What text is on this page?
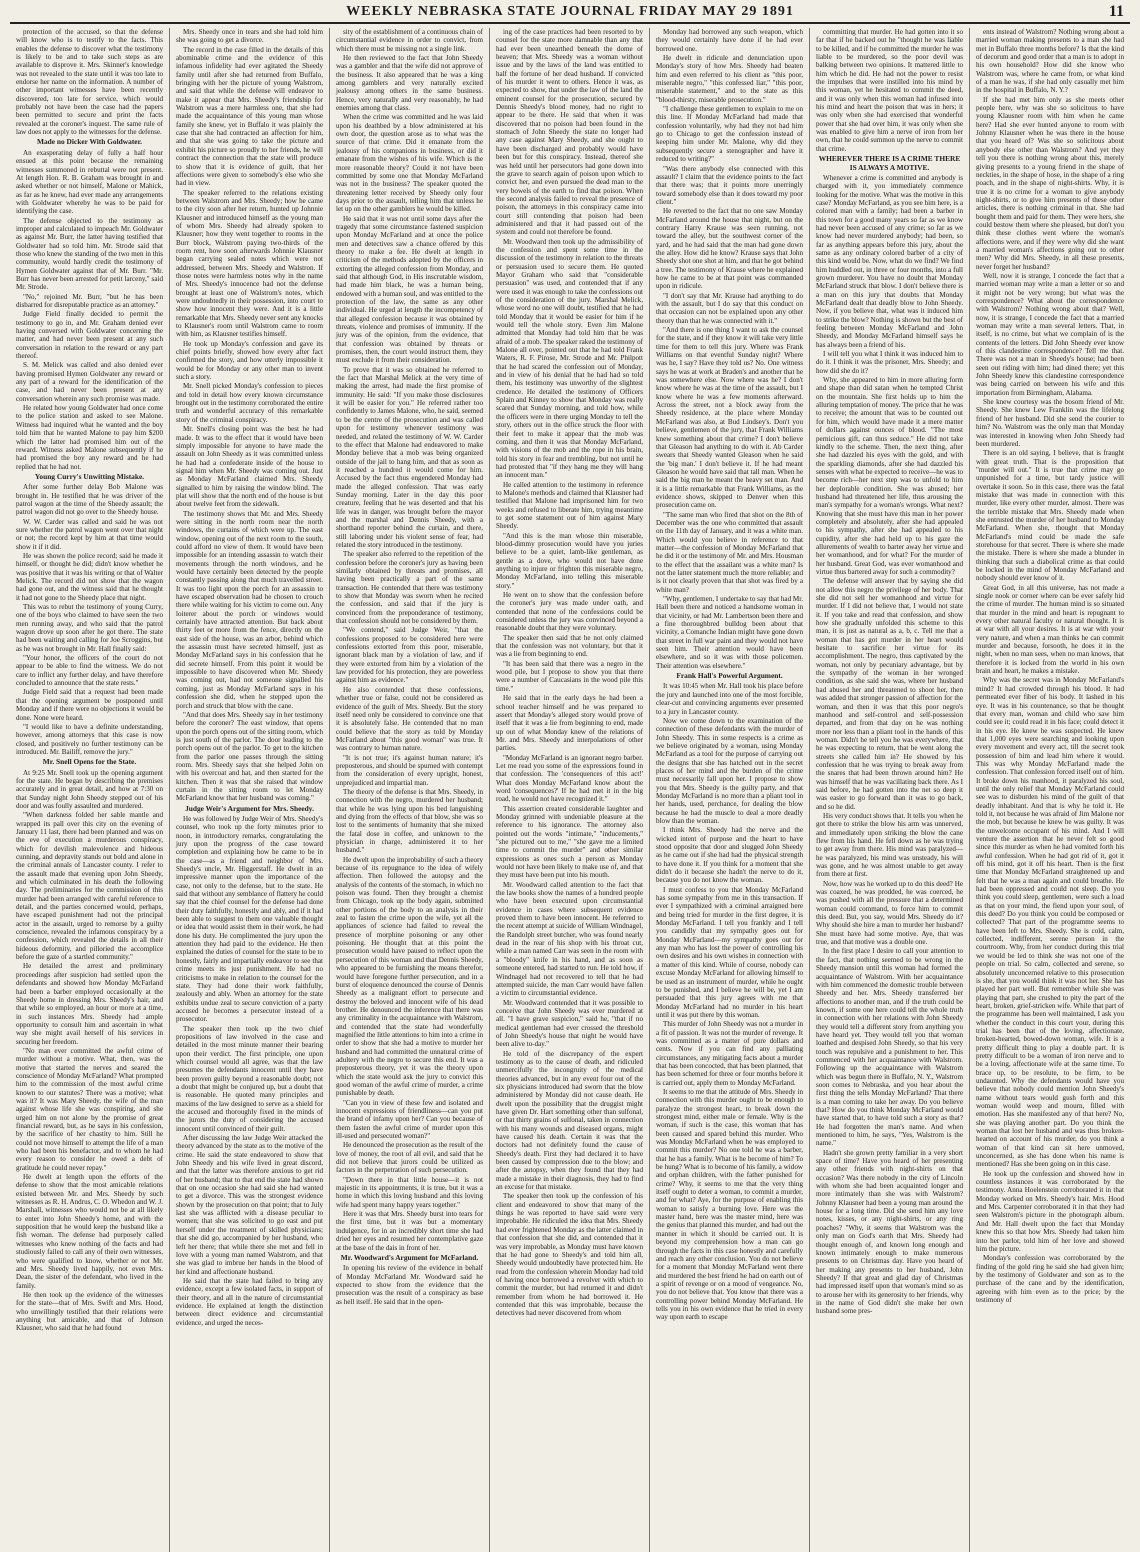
WEEKLY NEBRASKA STATE JOURNAL FRIDAY MAY 29 1891	11

protection of the accused, so that the defense will know who is to testify to the facts. This enables the defense to discover what the testimony is likely to be and to take such steps as are available to disprove it. Mrs. Skinner's knowledge was not revealed to the state until it was too late to endorse her name on the information. A number of other important witnesses have been recently discovered, too late for service, which would probably not have been the case had the papers been permitted to secure and print the facts revealed at the coroner's inquest. The same rule of law does not apply to the witnesses for the defense.

Made no Dicker With Goldwater.

An exasperating delay of fully a half hour ensued at this point because the remaining witnesses summoned in rebuttal were not present. At length Hon. R. B. Graham was brought in and asked whether or not himself, Malone or Mahick, as far as he knew, had ever made any arrangements with Goldwater whereby he was to be paid for identifying the case.

The defense objected to the testimony as improper and calculated to impeach Mr. Goldwater as against Mr. Burr, the latter having testified that Goldwater had so told him. Mr. Strode said that those who knew the standing of the two men in this community, would hardly credit the testimony of Hymen Goldwater against that of Mr. Burr. "Mr. Burr has never been arrested for petit larceny," said Mr. Strode.

"No," rejoined Mr. Burr, "but he has been disbarred for disreputable practice as an attorney."

Judge Field finally decided to permit the testimony to go in, and Mr. Graham denied ever having conversed with Goldwater concerning the matter, and had never been present at any such conversation in relation to the reward or any part thereof.

S. M. Melick was called and also denied ever having promised Hymen Goldwater any reward or any part of a reward for the identification of the case, and had never been present at any conversation wherein any such promise was made.

He related how young Goldwater had once come to the police station and asked to see Malone. Witness had inquired what he wanted and the boy told him that he wanted Malone to pay him $200 which the latter had promised him out of the reward. Witness asked Malone subsequently if he had promised the boy any reward and he had replied that he had not.

Young Curry's Unwitting Mistake.

After some further delay Bob Malone was brought in. He testified that he was driver of the patrol wagon at the time of the Sheedy assault; the patrol wagon did not go over to the Sheedy house.

W. W. Carder was called and said he was not sure whether the patrol wagon went over that night or not; the record kept by him at that time would show it if it did.

He was shown the police record; said he made it himself, or thought he did; didn't know whether he was positive that it was his writing or that of Walter Melick. The record did not show that the wagon had gone out, and the witness said that he thought it had not gone to the Sheedy place that night.

This was to rebut the testimony of young Curry, one of the boys who claimed to have seen the two men running away, and who said that the patrol wagon drove up soon after he got there. The state had been waiting and calling for Joe Scroggins, but as he was not brought in Mr. Hall finally said:

"Your honor, the officers of the court do not appear to be able to find the witness. We do not care to inflict any further delay, and have therefore concluded to announce that the state rests."

Judge Field said that a request had been made that the opening argument be postponed until Monday and if there were no objections it would be done. None were heard.

"I would like to have a definite understanding, however, among attorneys that this case is now closed, and positively no further testimony can be introduced. Mr. Bailiff, remove the jury."

Mr. Snell Opens for the State.

At 9:25 Mr. Snell took up the opening argument for the state. He began by describing the premises accurately and in great detail, and how at 7:30 on that Sunday night John Sheedy stepped out of his door and was foully assaulted and murdered.

"When darkness folded her sable mantle and wrapped its pall over this city on the evening of January 11 last, there had been planned and was on the eve of execution a murderous conspiracy, which for devilish malevolence and hideous cunning, and depravity stands out bold and alone in the criminal annals of Lancaster county. I refer to the assault made that evening upon John Sheedy, and which culminated in his death the following day. The preliminaries for the commission of this murder had been arranged with careful reference to detail, and the parties concerned would, perhaps, have escaped punishment had not the principal actor in the assault, urged to remorse by a guilty conscience, revealed the infamous conspiracy by a confession, which revealed the details in all their hideous deformity, and pilloried the accomplice before the gaze of a startled community."

He detailed the arrest and preliminary proceedings after suspicion had settled upon the defendants and showed how Monday McFarland had been a barber employed occasionally at the Sheedy home in dressing Mrs. Sheedy's hair, and that while so employed, an hour or more at a time, in such instances Mrs. Sheedy had ample opportunity to consult him and ascertain in what way she might avail herself of his services in securing her freedom.

"No man ever committed the awful crime of murder without a motive. What, then, was the motive that started the nerves and seared the conscience of Monday McFarland? What prompted him to the commission of the most awful crime known to our statutes? There was a motive; what was it? It was Mary Sheedy, the wife of the man against whose life she was conspiring, and she urged him on not alone by the promise of great financial reward, but, as he says in his confession, by the sacrifice of her chastity to him. Still he could not move himself to attempt the life of a man who had been his benefactor, and to whom he had every reason to consider he owed a debt of gratitude he could never repay."

He dwelt at length upon the efforts of the defense to show that the most amicable relations existed between Mr. and Mrs. Sheedy by such witnesses as R. H. Andrus, C. O. Whedon and W. J. Marshall, witnesses who would not be at all likely to enter into John Sheedy's home, and with the supposition that he would keep the husband like a fish woman. The defense had purposely called witnesses who knew nothing of the facts and had studiously failed to call any of their own witnesses, who were qualified to know, whether or not Mr. and Mrs. Sheedy lived happily, not even Mrs. Dean, the sister of the defendant, who lived in the family.

He then took up the evidence of the witnesses for the state—that of Mrs. Swift and Mrs. Hood, who unwillingly testified that their relations were anything but amicable, and that of Johnson Klausner, who said that he had found

Mrs. Sheedy once in tears and she had told him she was going to get a divorce.

The record in the case filled in the details of this abominable crime and the evidence of this infamous infidelity had ever agitated the Sheedy family until after she had returned from Buffalo, bringing with her the picture of young Walstrom, and said that while the defense will endeavor to make it appear that Mrs. Sheedy's friendship for Walstrom was a mere harmless one, that she had made the acquaintance of this young man whose family she knew, yet in Buffalo it was plainly the case that she had contracted an affection for him, and that she was going to take the picture and exhibit his picture so proudly to her friends, he will contract the connection that the state will produce to show that it is evidence of guilt, that her affections were given to somebody's else who she had in view.

The speaker referred to the relations existing between Walstrom and Mrs. Sheedy; how he came to the city soon after her return, hunted up Johnnie Klausner and introduced himself as the young man of whom Mrs. Sheedy had already spoken to Klausner; how they went together to rooms in the Burr block, Walstrom paying two-thirds of the room rent, how soon afterwards Johnnie Klausner began carrying sealed notes which were not addressed, between Mrs. Sheedy and Walstron. If those notes were harmless notes why in the name of Mrs. Sheedy's innocence had not the defense brought at least one of Walstrom's notes, which were undoubtedly in their possession, into court to show how innocent they were. And it is a little remarkable that Mrs. Sheedy never sent any knocks to Klausner's room until Walstrom came to room with him, as Klausner testifies himself.

He took up Monday's confession and gave its chief points briefly, showed how every after fact confirmed the story, and how utterly impossible it would be for Monday or any other man to invent such a story.

Mr. Snell picked Monday's confession to pieces and told in detail how every known circumstance brought out in the testimony corroborated the entire truth and wonderful accuracy of this remarkable story of the criminal conspiracy.

Mr. Snell's closing point was the best he had made. It was to the effect that it would have been simply impossible for anyone to have made the assault on John Sheedy as it was committed unless he had had a confederate inside of the house to signal him when Mr. Sheedy was coming out. Just as Monday McFarland claimed Mrs. Sheedy signalled to him by raising the window blind. The plat will show that the north end of the house is but about twelve feet from the sidewalk.

The testimony shows that Mr. and Mrs. Sheedy were sitting in the north room near the north windows, the curtains of which were up. The east window, opening out of the next room to the south, could afford no view of them. It would have been impossible for an intending assassin to watch their movements through the north windows, and he would have certainly been detected by the people constantly passing along that much travelled street. It was too light upon the porch for an assassin to have escaped observation had he chosen to crouch there while waiting for his victim to come out. Any loiterer about the porch or windows would certainly have attracted attention. But back about thirty feet or more from the fence, directly on the east side of the house, was an arbor, behind which the assassin must have secreted himself, just as Monday McFarland says in his confession that he did secrete himself. From this point it would be impossible to have discovered when Mr. Sheedy was coming out, had not someone signalled his coming, just as Monday McFarland says in his confession she did, when he stepped upon the porch and struck that blow with the cane.

"And that does Mrs. Sheedy say in her testimony before the coroner? The east window, that opens upon the porch opens out of the sitting room, which is just south of the parlor. The door leading to the porch opens out of the parlor. To get to the kitchen from the parlor one passes through the sitting room. Mrs. Sheedy says that she helped John on with his overcoat and hat, and then started for the kitchen. Then it was that she raised that window curtain in the sitting room to let Monday McFarland know that her husband was coming."

Judge Weir's Argument for Mrs. Sheedy.

He was followed by Judge Weir of Mrs. Sheedy's counsel, who took up the forty minutes prior to noon, in introductory remarks, congratulating the jury upon the progress of the case toward completion and explaining how he came to be in the case—as a friend and neighbor of Mrs. Sheedy's uncle, Mr. Higgerstaff. He dwelt in an impressive manner upon the importance of the case, not only to the defense, but to the state. He said that without any semblance of flattery he could say that the chief counsel for the defense had done their duty faithfully, honestly and ably, and if it had been able to suggest to them one valuable thought or idea that would assist them in their work, he had done his duty. He complimented the jury upon the attention they had paid to the evidence. He then explained the duties of counsel for the state to be to honestly, fairly and impartially endeavor to see that crime meets its just punishment. He had no criticisms to make in relation to the counsel for the state. They had done their work faithfully, zealously and ably. When an attorney for the state exhibits undue zeal to secure conviction of a party accused he becomes a persecutor instead of a prosecutor.

The speaker then took up the two chief propositions of law involved in the case and detailed in the most minute manner their bearing upon their verdict. The first principle, one upon which counsel would all agree, was that the law presumes the defendants innocent until they have been proven guilty beyond a reasonable doubt; not a doubt that might be conjured up, but a doubt that is reasonable. He quoted many principles and maxims of the law designed to serve as a shield for the accused and thoroughly fixed in the minds of the jurors the duty of considering the accused innocent until convinced of their guilt.

After discussing the law Judge Weir attacked the theory advanced by the state as to the motive of the crime. He said the state endeavored to show that John Sheedy and his wife lived in great discord, and that the latter was therefore anxious to get rid of her husband; that to that end the state had shown that on one occasion she had said she had wanted to get a divorce. This was the strongest evidence shown by the prosecution on that point; that to July last she was afflicted with a disease peculiar to women; that she was solicited to go east and put herself under the treatment of skilled physicians; that she did go, accompanied by her husband, who left her there; that while there she met and fell in love with a young man named Walstrom, and that she was glad to imbrue her hands in the blood of her kind and affectionate husband.

He said that the state had failed to bring any evidence, except a few isolated facts, in support of their theory, and all in the nature of circumstantial evidence. He explained at length the distinction between direct evidence and circumstantial evidence, and urged the neces-

sity of the establishment of a continuous chain of circumstantial evidence in order to convict, from which there must be missing not a single link.

He then reviewed to the fact that John Sheedy was a gambler and that the wife did not approve of the business. It also appeared that he was a king among gamblers and very naturally excited jealousy among others in the same business. Hence, very naturally and very reasonably, he had enemies among that class.

When the crime was committed and he was laid upon his deathbed by a blow administered at his own door, the question arose as to what was the source of that crime. Did it emanate from the jealousy of his companions in business, or did it emanate from the wishes of his wife. Which is the more reasonable theory? Could it not have been committed by some one that Monday McFarland was not in the business? The speaker quoted the threatening letter received by Sheedy only four days prior to the assault, telling him that unless he let up on the other gamblers he would be killed.

He said that it was not until some days after the tragedy that some circumstance fastened suspicion upon Monday McFarland and at once the police men and detectives saw a chance offered by this theory to make a fee. He dwelt at length in criticism of the methods adopted by the officers in extorting the alleged confession from Monday, and said that although God, in His inscrutable wisdom, had made him black, he was a human being, endowed with a human soul, and was entitled to the protection of the law, the same as any other individual. He urged at length the incompetency of that alleged confession because it was obtained by threats, violence and promises of immunity. If the jury was of the opinion, from the evidence, that that confession was obtained by threats or promises, then, the court would instruct them, they must exclude it from their consideration.

To prove that it was so obtained he referred to the fact that Marshal Melick at the very time of making the arrest, had made the first promise of immunity. He said: "If you make those disclosures it will be easier for you." He referred rather too confidently to James Malone, who, he said, seemed to be the centre of the prosecution and was called upon for testimony whenever testimony was needed, and related the testimony of W. W. Carder to the effect that Malone had endeavored to make Monday believe that a mob was being organized outside of the jail to hang him, and that as soon as it reached a hundred it would come for him. Accused by the fact thus engendered Monday had made the alleged confession. That was early Sunday morning. Later in the day this poor creature, feeling that he was deserted and that his life was in danger, was brought before the mayor and the marshal and Dennis Sheedy, with a shorthand reporter behind the curtain, and there, still laboring under his violent sense of fear, had related the story introduced in the testimony.

The speaker also referred to the repetition of the confession before the coroner's jury as having been similarly obtained by threats and promises, all having been practically a part of the same transaction. He contended that there was testimony to show that Monday was sworn when he recited the confession, and said that if the jury is convinced from the preponderance of testimony, that confession should not be considered by them.

"We contend," said Judge Weir, "that the confessions proposed to be considered here were confessions extorted from this poor, miserable, ignorant black man by a violation of law, and if they were extorted from him by a violation of the law provided for his protection, they are powerless against him as evidence."

He also contended that these confessions, whether true or false, could not be considered as evidence of the guilt of Mrs. Sheedy. But the story itself need only be considered to convince one that it is absolutely false. He contended that no man could believe that the story as told by Monday McFarland about "this good woman" was true. It was contrary to human nature.

"It is not true; it's against human nature; it's preposterous, and should be spurned with contempt from the consideration of every upright, honest, unprejudiced and impartial man.

The theory of the defense is that Mrs. Sheedy, in connection with the negro, murdered her husband; that while he was lying upon his bed languishing and dying from the effects of that blow, she was so lost to the sentiments of humanity that she mixed the fatal dose in coffee, and unknown to the physician in charge, administered it to her husband."

He dwelt upon the improbability of such a theory because of its repugnance to the idea of wifely affection. Then followed the autopsy and the analysis of the contents of the stomach, in which no poison was found. Then they brought a chemist from Chicago, took up the body again, submitted other portions of the body to an analysis in their zeal to fasten the crime upon the wife, yet all the appliances of science had failed to reveal the presence of morphine poisoning or any other poisoning. He thought that at this point the prosecution would have paused to reflect upon the persecution of this woman and that Dennis Sheedy, who appeared to be furnishing the means therefor, would have foregone further persecution, and in a burst of eloquence denounced the course of Dennis Sheedy as a malignant effort to persecute and destroy the beloved and innocent wife of his dead brother. He denounced the inference that there was any criminality in the acquaintance with Walstrom, and contended that the state had wonderfully magnified the little attentions to him into a crime in order to show that she had a motive to murder her husband and had committed the unnatural crime of adultery with the negro to secure this end. It was a preposterous theory, yet it was the theory upon which the state would ask the jury to convict this good woman of the awful crime of murder, a crime punishable by death.

"Can you in view of these few and isolated and innocent expressions of friendliness—can you put the brand of infamy upon her? Can you because of them fasten the awful crime of murder upon this ill-used and persecuted woman?"

He denounced the prosecution as the result of the love of money, the root of all evil, and said that he did not believe that jurors could be utilized as factors in the perpetration of such persecution.

"Down there in that little house—it is not majestic in its appointments, it is true, but it was a home in which this loving husband and this loving wife had spent many happy years together."

Here it was that Mrs. Sheedy burst into tears for the first time, but it was but a momentary indulgence, for in an incredibly short time she had dried her eyes and resumed her contemplative gaze at the base of the dais in front of her.

Mr. Woodward's Argument for McFarland.

In opening his review of the evidence in behalf of Monday McFarland Mr. Woodward said he expected to show from the evidence that the prosecution was the result of a conspiracy as base as hell itself. He said that in the open-

ing of the case practices had been resorted to by counsel for the state more damnable than any that had ever been unearthed beneath the dome of heaven; that Mrs. Sheedy was a woman without issue and by the laws of the land was entitled to half the fortune of her dead husband. If convicted of his murder it went to others. Hence it was, as expected to show, that under the law of the land the eminent counsel for the prosecution, secured by Dennis Sheedy's blood money, had no right to appear to be there. He said that when it was discovered that no poison had been found in the stomach of John Sheedy the state no longer had any case against Mary Sheedy, and she ought to have been discharged and probably would have been but for this conspiracy. Instead, thereof she was held until her persecutors had gone down into the grave to search again of poison upon which to convict her, and even pursued the dead man to the very bowels of the earth to find that poison. When the second analysis failed to reveal the presence of poison, the attorneys in this conspiracy came into court still contending that poison had been administered and that it had passed out of the system and could not therefore be found.

Mr. Woodward then took up the admissibility of the confession and spent some time in the discussion of the testimony in relation to the threats or persuasion used to secure them. He quoted Mayor Graham who said that "considerable persuasion" was used, and contended that if any were used it was enough to take the confessions out of the consideration of the jury. Marshal Melick, whose word no one will doubt, testified that he had told Monday that it would be easier for him if he would tell the whole story. Even Jim Malone admitted that Monday had told him that he was afraid of a mob. The speaker raked the testimony of Malone all over, pointed out that he had told Frank Waters, R. F. Pirose, Mr. Strode and Mr. Philpott that he had scared the confession out of Monday, and in view of his denial that he had had so told them, his testimony was unworthy of the slightest credence. He detailed the testimony of Officers Splain and Kinney to show that Monday was really scared that Sunday morning, and told how, while the officers were in there urging Monday to tell the story, others out in the office struck the floor with their feet to make it appear that the mob was coming, and then it was that Monday McFarland, with visions of the mob and the rope in his brain, told his story in fear and trembling, but not until he had protested that "if they hang me they will hang an innocent man."

He called attention to the testimony in reference to Malone's methods and claimed that Klausner had testified that Malone had imprisoned him for two weeks and refused to liberate him, trying meantime to get some statement out of him against Mary Sheedy.

"And this is the man whose thin miserable, blood-dimmy prosecution would have you juries believe to be a quiet, lamb-like gentleman, as gentle as a dove, who would not have done anything to injure or frighten this miserable negro, Monday McFarland, into telling this miserable story."

He went on to show that the confession before the coroner's jury was made under oath, and contended that none of the confessions could be considered unless the jury was convinced beyond a reasonable doubt that they were voluntary.

The speaker then said that he not only claimed that the confession was not voluntary, but that it was a lie from beginning to end.

"It has been said that there was a negro in the wood pile, but I propose to show you that there were a number of Caucasians in the wood pile this time."

He said that in the early days he had been a school teacher himself and he was prepared to assert that Monday's alleged story would prove of itself that it was a lie from beginning to end, made up out of what Monday knew of the relations of Mr. and Mrs. Sheedy and interpolations of other parties.

"Monday McFarland is an ignorant negro barber. Let me read you some of the expressions found in that confession. The 'consequences of this act!' What does Monday McFarland know about the word 'consequences?' If he had met it in the big road, he would not have recognized it."

This assertion created considerable laughter and Monday grinned with undeniable pleasure at the reference to his ignorance. The attorney also pointed out the words "intimate," "inducements," "she pictured out to me," "she gave me a limited time to commit the murder" and other similar expressions as ones such a person as Monday would not have been likely to make use of, and that they must have been put into his mouth.

Mr. Woodward called attention to the fact that the law books show the names of a hundred people who have been executed upon circumstantial evidence in cases where subsequent evidence proved them to have been innocent. He referred to the recent attempt at suicide of William Windnagel, the Randolph street butcher, who was found nearly dead in the rear of his shop with his throat cut, while a man named Carr was seen in the room with a "bloody" knife in his hand, and as soon as someone entered, had started to run. He told how, if Windnagel had not recovered to tell that he had attempted suicide, the man Carr would have fallen a victim to circumstantial evidence.

Mr. Woodward contended that it was possible to conceive that John Sheedy was ever murdered at all. "I have grave suspicion," said he, "that if no medical gentleman had ever crossed the threshold of John Sheedy's house that night he would have been alive to-day."

He told of the discrepancy of the expert testimony as to the cause of death, and ridiculed unmercifully the incongruity of the medical theories advanced, but in any event four out of the six physicians introduced had sworn that the blow administered by Monday did not cause death. He dwelt upon the possibility that the druggist might have given Dr. Hart something other than sulfonal, or that thirty grains of sulfonal, taken in connection with his many wounds and diseased organs, might have caused his death. Certain it was that the doctors had not definitely found the cause of Sheedy's death. First they had declared it to have been caused by compression due to the blow; and after the autopsy, when they found that they had made a mistake in their diagnosis, they had to find an excuse for that mistake.

The speaker then took up the confession of his client and endeavored to show that many of the things he was reported to have said were very improbable. He ridiculed the idea that Mrs. Sheedy had ever frightened Monday as the latter claimed in that confession that she did, and contended that it was very improbable, as Monday must have known that he had gone to Sheedy's and told him all, Sheedy would undoubtedly have protected him. He read from the confession wherein Monday had told of having once borrowed a revolver with which to commit the murder, but had returned it and didn't remember from whom he had borrowed it. He contended that this was improbable, because the detectives had never discovered from whom

Monday had borrowed any such weapon, which they would certainly have done if he had ever borrowed one.

He dwelt in ridicule and denunciation upon Monday's story of how Mrs. Sheedy had beaten him and even referred to his client as "this poor, miserable negro," "this confessed liar," "this poor, miserable statement," and to the state as this "blood-thirsty, miserable prosecution."

"I challenge these gentlemen to explain to me on this line. If Monday McFarland had made that confession voluntarily, why had they not had him go to Chicago to get the confession instead of keeping him under Mr. Malone, why did they subsequently secure a stenographer and have it reduced to writing?"

"Was there anybody else connected with this assault? I claim that the evidence points to the fact that there was; that it points more unerringly toward somebody else than it does toward my poor client."

He reverted to the fact that no one saw Monday McFarland around the house that night, but on the contrary Harry Krause was seen running, not toward the alley, but the southwest corner of the yard, and he had said that the man had gone down the alley. How did he know? Krause says that John Sheedy shot one shot at him, and that he got behind a tree. The testimony of Krause where he explained how he came to be at that point was commanded upon in ridicule.

"I don't say that Mr. Krause had anything to do with the assault, but I do say that this conduct on that occasion can not be explained upon any other theory than that he was connected with it."

"And there is one thing I want to ask the counsel for the state, and if they know it will take very little time for them to tell this jury. Where was Frank Williams on that eventful Sunday night? Where was he, I say? Have they told us? No. One witness says he was at work at Braden's and another that he was somewhere else. Now where was he? I don't know where he was at the time of the assault, but I know where he was a few moments afterward. Across the street, not a block away from the Sheedy residence, at the place where Monday McFarland was also, at Bud Lindsey's. Don't you believe, gentlemen of the jury, that Frank Williams knew something about that crime? I don't believe that Gleason had anything to do with it. Ab Carder swears that Sheedy wanted Gleason when he said the 'big man.' I don't believe it. If he had meant Gleason he would have said that tall man. When he said the big man he meant the heavy set man. And it is a little remarkable that Frank Williams, as the evidence shows, skipped to Denver when this prosecution came on.

"The same man who fired that shot on the 8th of December was the one who committed that assault on the 11th day of January, and it was a white man. Which would you believe in reference to that matter—the confession of Monday McFarland that he did it or the testimony of Mr. and Mrs. Housman to the effect that the assailant was a white man? Is not the latter statement much the more reliable; and is it not clearly proven that that shot was fired by a white man?

"Why, gentlemen, I undertake to say that had Mr. Hall been there and noticed a handsome woman in that vicinity, or had Mr. Lambertson been there and a fine thoroughbred bulldog been about that vicinity, a Comanche Indian might have gone down that street in full war paint and they would not have seen him. Their attention would have been elsewhere, and so it was with those policemen. Their attention was elsewhere."

Frank Hall's Powerful Argument.

It was 10:45 when Mr. Hall took his place before the jury and launched into one of the most forcible, clear-cut and convincing arguments ever presented to a jury in Lancaster county.

Now we come down to the examination of the connection of these defendants with the murder of John Sheedy. This in some respects is a crime as we believe originated by a woman, using Monday McFarland as a tool for the purpose of carrying out the designs that she has hatched out in the secret places of her mind and the burden of the crime must necessarily fall upon her. I propose to show you that Mrs. Sheedy is the guilty party, and that Monday McFarland is no more than a pliant tool in her hands, used, perchance, for dealing the blow because he had the muscle to deal a more deadly blow than the woman.

I think Mrs. Sheedy had the nerve and the wicked intent of purpose and the heart to have stood opposite that door and slugged John Sheedy as he came out if she had had the physical strength to have done it. If you think for a moment that she didn't do it because she hadn't the nerve to do it, because you do not know the woman.

I must confess to you that Monday McFarland has some sympathy from me in this transaction. If ever I sympathized with a criminal arraigned here and being tried for murder in the first degree, it is Monday McFarland. I tell you frankly and I tell you candidly that my sympathy goes out for Monday McFarland—my sympathy goes out for any man who has lost the power of controlling his own desires and his own wishes in connection with a matter of this kind. While of course, nobody can excuse Monday McFarland for allowing himself to be used as an instrument of murder, while he ought to be punished, and I believe he will be, yet I am persuaded that this jury agrees with me that Monday McFarland had no murder in his heart until it was put there by this woman.

This murder of John Sheedy was not a murder in a fit of passion. It was not the murder of revenge. It was committed as a matter of pure dollars and cents. Now if you can find any palliating circumstances, any mitigating facts about a murder that has been concocted, that has been planned, that has been schemed for three or four months before it is carried out, apply them to Monday McFarland.

It seems to me that the attitude of Mrs. Sheedy in connection with this murder ought to be enough to paralyze the strongest heart, to break down the strongest mind, either male or female. Why is the woman, if such is the case, this woman that has been caused and spared behind this murder. Who was Monday McFarland when he was employed to commit this murder? No one told he was a barber, that he has a family. What is he become of him? To be hung? What is to become of his family, a widow and orphan children, with the father punished for crime? Why, it seems to me that the very thing itself ought to deter a woman, to commit a murder, and for what? Aye, for the purpose of enabling this woman to satisfy a burning love. Here was the master hand, here was the master mind, here was the genius that planned this murder, and had out the manner in which it should be carried out. It is beyond my comprehension how a man can go through the facts in this case honestly and carefully and reach any other conclusion. You do not believe for a moment that Monday McFarland went there and murdered the best friend he had on earth out of a spirit of revenge or on a mood of vengeance. No, you do not believe that. You know that there was a controlling power behind Monday McFarland. He tells you in his own evidence that he tried in every way upon earth to escape

committing that murder. He had gotten into it so far that if he backed out he "thought he was liable to be killed, and if he committed the murder he was liable to be murdered, so the poor devil was balking between two opinions. It mattered little to him which he did. He had not the power to resist the impulses that were instilled into his mind by this woman, yet he hesitated to commit the deed, and it was only when this woman had infused into his mind and heart the poison that was in hers; it was only when she had exercised that wonderful power that she had over him, it was only when she was enabled to give him a nerve of iron from her own, that he could summon up the nerve to commit that crime.

WHEREVER THERE IS A CRIME THERE IS ALWAYS A MOTIVE.

Whenever a crime is committed and anybody is charged with it, you immediately commence looking for the motive. What was the motive in this case? Monday McFarland, as you see him here, is a colored man with a family; had been a barber in this town for a good many years so far as we know had never been accused of any crime; so far as we know had never murdered anybody; had been, so far as anything appears before this jury, about the same as any ordinary colored barber of a city of this kind would be. Now, what do we find? We find him huddled out, in three or four months, into a full grown murderer. You have no doubt that Monday McFarland struck that blow. I don't believe there is a man on this jury that doubts that Monday McFarland dealt that deadly blow to John Sheedy. Now, if you believe that, what was it induced him to strike the blow? Nothing is shown but the best of feeling between Monday McFarland and John Sheedy, and Monday McFarland himself says he has always been a friend of his.

I will tell you what I think it was induced him to do it. I think it was the prisoner, Mrs. Sheedy; and how did she do it?

Why, she appeared to him in more alluring form and shape than did satan when he tempted Christ on the mountain. She first holds up to him the alluring temptation of money. The price that he was to receive; the amount that was to be counted out for him, which would have made it a mere matter of dollars against ounces of blood. "The most pernicious gift, can thus seduce." He did not take kindly to the scheme. Then, the next thing, after she had dazzled his eyes with the gold, and with the sparkling diamonds, after she had dazzled his senses with what he expected to receive—he was to become rich—her next step was to unfold to him her deplorable condition. She was abused; her husband had threatened her life, thus arousing the man's sympathy for a woman's wrongs. What next? Knowing that she must have this man in her power completely and absolutely, after she had appealed to his sympathy, after she had appealed to his cupidity, after she had held up to his gaze the allurements of wealth to barter away her virtue and her womanhood, and for what? For the murder of her husband. Great God, was ever womanhood and virtue thus bartered away for such a commodity?

The defense will answer that by saying she did not allow this negro the privilege of her body. That she did not sell her womanhood and virtue for murder. If I did not believe that, I would not state it. If you take and read that confession, and show how she gradually unfolded this scheme to this man, it is just as natural as a, b, c. Tell me that a woman that has got murder in her heart would hesitate to sacrifice her virtue for its accomplishment. The negro, thus captivated by the woman, not only by pecuniary advantage, but by the sympathy of the woman in her wronged condition, as she said she was, where her husband had abused her and threatened to shoot her, then was added that stronger passion of affection for the woman, and then it was that this poor negro's manhood and self-control and self-possession departed, and from that day on he was nothing more nor less than a pliant tool in the hands of this woman. Didn't he tell you he was everywhere, that he was expecting to return, that he went along the streets she called him in? He showed by his confession that he was trying to break away from the snares that had been thrown around him? He was himself that he was vacillating back there. As I said before, he had gotten into the net so deep it was easier to go forward than it was to go back, and so he did.

His very conduct shows that. It tells you when he got there to strike the blow his arm was unnerved, and immediately upon striking the blow the cane flew from his hand. He fell down as he was trying to get away from there. His mind was paralyzed—he was paralyzed, his mind was unsteady, his will was gone, and he was almost unable to get away from there at first.

Now, how was he worked up to do this deed? He was coaxed, he was prodded, he was coerced, he was pushed with all the pressure that a determined woman could command, to force him to commit this deed. But, you say, would Mrs. Sheedy do it? Why should she hire a man to murder her husband? She must have had some motive. Aye, that was true, and that motive was a double one.

In the first place I desire to call your attention to the fact, that nothing seemed to be wrong in the Sheedy mansion until this woman had formed the acquaintance of Walstrom. With her acquaintance with him commenced the domestic trouble between Sheedy and her. Mrs. Sheedy transferred her affections to another man, and if the truth could be known, if some one here could tell the whole truth in connection with her relations with John Sheedy they would tell a different story from anything you have heard yet. They would tell you that woman loathed and despised John Sheedy, so that his very touch was repulsive and a punishment to her. This commenced with her acquaintance with Walstrom. Following up the acquaintance with Walstrom which was begun there in Buffalo, N. Y., Walstrom soon comes to Nebraska, and you hear about the first thing the tells Monday McFarland? That there is a man coming to take her away. Do you believe that? How do you think Monday McFarland would have started that, to have told such a story as that? He had forgotten the man's name. And when mentioned to him, he says, "Yes, Walstrom is the name."

Hadn't she grown pretty familiar in a very short space of time? Have you heard of her presenting any other friends with night-shirts on that occasion? Was there nobody in the city of Lincoln with whom she had been acquainted longer and more intimately than she was with Walstrom? Johnny Klausner had been a young man around the house for a long time. Did she send him any love notes, kisses, or any night-shirts, or any ring poaches? "Why, it seems that Walstrom was the only man on God's earth that Mrs. Sheedy had thought enough of, and known long enough and known intimately enough to make numerous presents to on Christmas day. Have you heard of her making any presents to her husband, John Sheedy? If that great and glad day of Christmas had impressed itself upon that woman's mind so as to arouse her with its generosity to her friends, why in the name of God didn't she make her own husband some pres-

ents instead of Walstrom? Nothing wrong about a married woman making presents to a man she had met in Buffalo three months before? Is that the kind of decorum and good order that a man is to adopt in his own household? How did she know who Walstrom was, where he came from, or what kind of a man he was, if she had only casually met him in the hospital in Buffalo, N. Y.?

If she had met him only as she meets other people here, why was she so solicitous to have young Klausner room with him when he came here? Had she ever hunted anyone to room with Johnny Klausner when he was there in the house that you heard of? Was she so solicitous about anybody else other than Walstrom? And yet they tell you there is nothing wrong about this, merely giving presents to a young friend in the shape of neckties, in the shape of hose, in the shape of a ring poach, and in the shape of night-shirts. Why, it is true it is no crime for a woman to give anybody night-shirts, or to give him presents of these other articles, there is nothing criminal in that. She had bought them and paid for them. They were hers, she could bestow them where she pleased, but don't you think these clothes went where the woman's affections were, and if they were why did she want a married woman's affections going out to other men? Why did Mrs. Sheedy, in all these presents, never forget her husband?

Well, now it is strange, I concede the fact that a married woman may write a man a letter or so and it might not be very wrong; but what was the correspondence? What about the correspondence with Walstrom? Nothing wrong about that? Well, now, it is strange, I concede the fact that a married woman may write a man several letters. That, in itself, is no crime, but what we complain of is the contents of the letters. Did John Sheedy ever know of this clandestine correspondence? Tell me that. There was not a man in Sheedy's house; had been seen out riding with him; had dined there; yet this John Sheedy knew this clandestine correspondence was being carried on between his wife and this importation from Birmingham, Alabama.

She knew courtesy was the bosom friend of Mr. Sheedy. She knew Lew Franklin was the lifelong friend of her husband. Did she send the courier to him? No. Walstrom was the only man that Monday was interested in knowing when John Sheedy had been murdered.

There is an old saying, I believe, that is fraught with great truth. That is the proposition that "murder will out." It is true that crime may go unpunished for a time, but tardy justice will overtake it soon. So in this case, there was the fatal mistake that was made in connection with this murder, like every other murder, almost. There was the terrible mistake that Mrs. Sheedy made when she entrusted the murder of her husband to Monday McFarland. When she, thought that Monday McFarland's mind could be made the safe storehouse for that secret. There is where she made the mistake. There is where she made a blunder in thinking that such a diabolical crime as that could be locked in the mind of Monday McFarland and nobody should ever know of it.

Great God, in all this universe, has not made a single nook or corner where can be ever safely hid the crime of murder. The human mind is so situated that murder in the mind and heart is repugnant to every other natural faculty or natural thought. It is at war with all your desires. It is at war with your very nature, and when a man thinks he can commit murder and because, forsooth, he does it in the night, when no man sees, when no man knows, that therefore it is locked from the world in his own brain and heart, he makes a mistake.

Why was the secret was in Monday McFarland's mind? It had crowded through his blood. It had permeated ever fiber of his body. It lashed in his eye. It was in his countenance, so that he thought that every man, woman and child who saw him could see it; could read it in his face; could detect it in his eye. He knew he was suspected. He knew that 1,000 eyes were searching and looking upon every movement and every act, till the secret took possession of him and lead him where it would. This was why Monday McFarland made the confession. That confession forced itself out of him. It broke down his manhood, it paralyzed his soul, until the only relief that Monday McFarland could see was to disburden his mind of the guilt of that deadly inhabitant. And that is why he told it. He told it, not because he was afraid of Jim Malone nor the mob, but because he knew he was guilty. It was the unwelcome occupant of his mind. And I will venture the assertion that he never felt so good since this murder as when he had vomited forth his awful confession. When he had got rid of it, got it off his mind, got it off his heart. Then is the first time that Monday McFarland straightened up and felt that he was a man again and could breathe. He had been oppressed and could not sleep. Do you think you could sleep, gentlemen, were such a load as that on your mind, the fiend upon your soul, of this deed? Do you think you could be composed or collected? That part of the programme seems to have been left to Mrs. Sheedy. She is cold, calm, collected, indifferent, serene person in the courtroom. Why, from her conduct during this trial we would be led to think she was not one of the people on trial. So calm, collected and serene, so absolutely unconcerned relative to this prosecution is she, that you would think it was not her. She has played her part well. But remember while she was playing that part, she crushed to pity the part of the heart, broken, grief-stricken wife. While that part of the programme has been well maintained, I ask you whether the conduct in this court your, during this trial has been that of the loving, affectionate, broken-hearted, bowed-down woman, wife. It is a pretty difficult thing to play a double part. It is pretty difficult to be a woman of iron nerve and to be a loving, affectionate wife at the same time. To brace up, to be resolute, to be firm, to be undaunted. Why the defendants would have you believe that nobody could mention John Sheedy's name without tears would gush forth and this woman would weep and mourn, filled with emotion. Has she manifested any of that here? No, she was playing another part. Do you think the woman that lost her husband and was thus broken-hearted on account of his murder, do you think a woman of that kind can sit here unmoved, unconcerned, as she has done when his name is mentioned? Has she been going on in this case.

He took up the confession and showed how in countless instances it was corroborated by the testimony. Anna Hoelenstein corroborated it in that Monday worked on Mrs. Sheedy's hair. Mrs. Hood and Mrs. Carpenter corroborated it in that they had seen Walstrom's picture in the photograph album. And Mr. Hall dwelt upon the fact that Monday knew this so that how Mrs. Sheedy had taken him into her parlor, told him of her love and showed him the picture.

Monday's confession was corroborated by the finding of the gold ring he said she had given him; by the testimony of Goldwater and son as to the purchase of the cane and by the identification, agreeing with him even as to the price; by the testimony of
